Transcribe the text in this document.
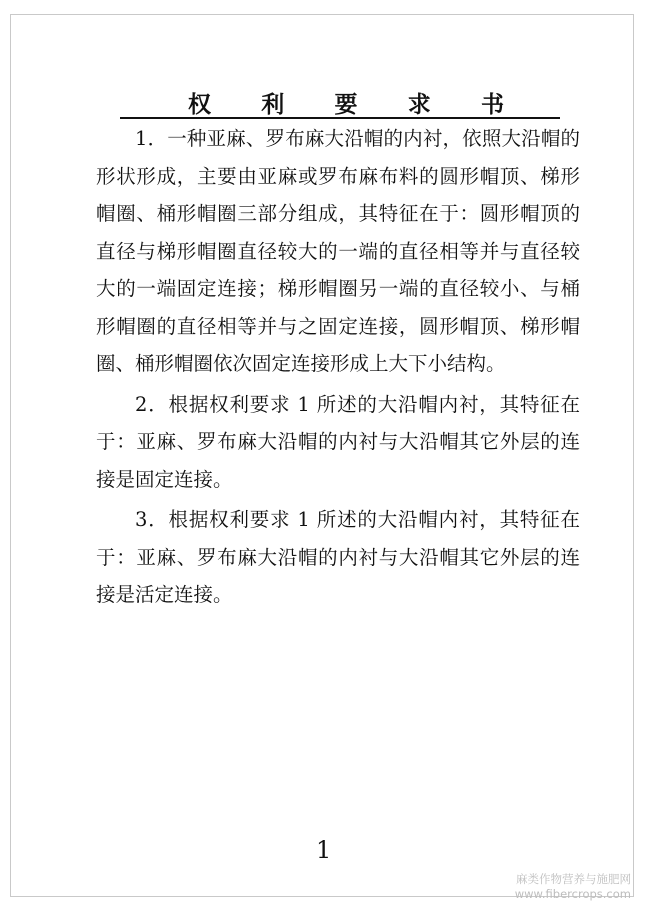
权 利 要 求 书

1．一种亚麻、罗布麻大沿帽的内衬，依照大沿帽的形状形成，主要由亚麻或罗布麻布料的圆形帽顶、梯形帽圈、桶形帽圈三部分组成，其特征在于：圆形帽顶的直径与梯形帽圈直径较大的一端的直径相等并与直径较大的一端固定连接；梯形帽圈另一端的直径较小、与桶形帽圈的直径相等并与之固定连接，圆形帽顶、梯形帽圈、桶形帽圈依次固定连接形成上大下小结构。

2．根据权利要求 1 所述的大沿帽内衬，其特征在于：亚麻、罗布麻大沿帽的内衬与大沿帽其它外层的连接是固定连接。

3．根据权利要求 1 所述的大沿帽内衬，其特征在于：亚麻、罗布麻大沿帽的内衬与大沿帽其它外层的连接是活定连接。

1
麻类作物营养与施肥网
www.fibercrops.com
